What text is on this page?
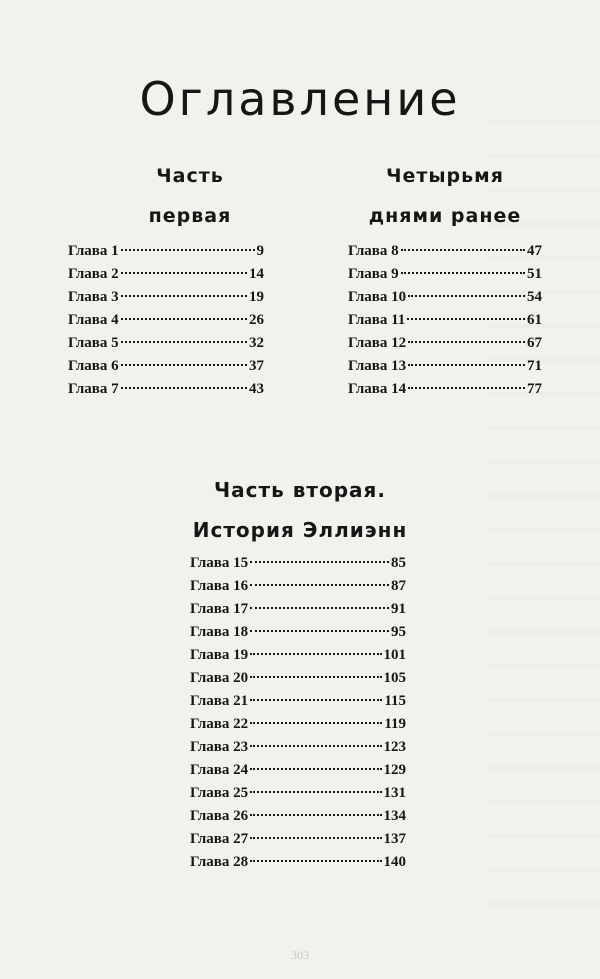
Оглавление
Часть
первая
Четырьмя
днями ранее
Глава 1	9
Глава 2	14
Глава 3	19
Глава 4	26
Глава 5	32
Глава 6	37
Глава 7	43
Глава 8	47
Глава 9	51
Глава 10	54
Глава 11	61
Глава 12	67
Глава 13	71
Глава 14	77
Часть вторая.
История Эллиэнн
Глава 15	85
Глава 16	87
Глава 17	91
Глава 18	95
Глава 19	101
Глава 20	105
Глава 21	115
Глава 22	119
Глава 23	123
Глава 24	129
Глава 25	131
Глава 26	134
Глава 27	137
Глава 28	140
303
